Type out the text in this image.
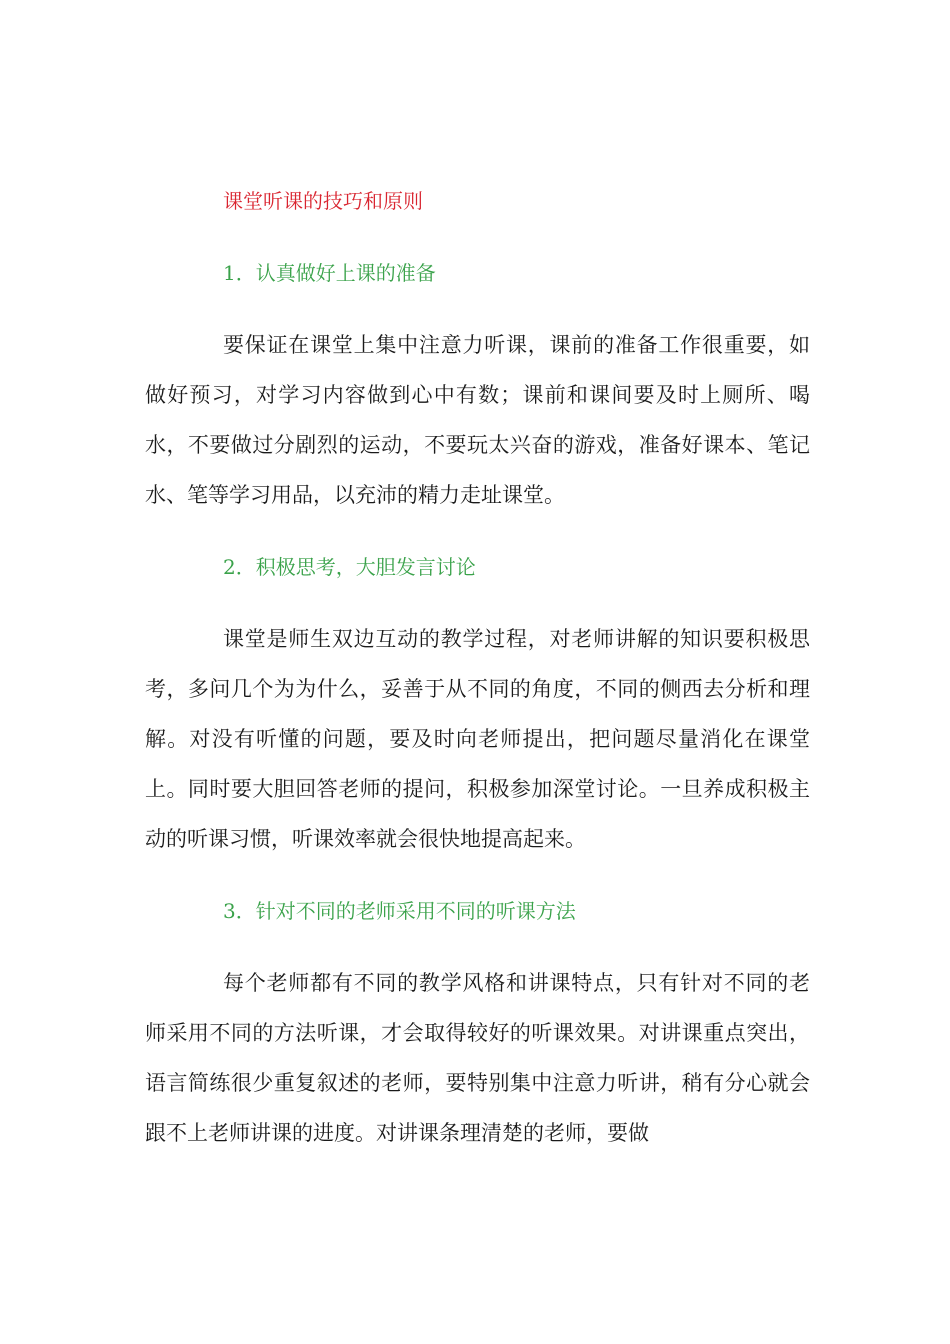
课堂听课的技巧和原则

1．认真做好上课的准备

要保证在课堂上集中注意力听课，课前的准备工作很重要，如做好预习，对学习内容做到心中有数；课前和课间要及时上厕所、喝水，不要做过分剧烈的运动，不要玩太兴奋的游戏，准备好课本、笔记水、笔等学习用品，以充沛的精力走址课堂。

2．积极思考，大胆发言讨论

课堂是师生双边互动的教学过程，对老师讲解的知识要积极思考，多问几个为为什么，妥善于从不同的角度，不同的侧西去分析和理解。对没有听懂的问题，要及时向老师提出，把问题尽量消化在课堂上。同时要大胆回答老师的提问，积极参加深堂讨论。一旦养成积极主动的听课习惯，听课效率就会很快地提高起来。

3．针对不同的老师采用不同的听课方法

每个老师都有不同的教学风格和讲课特点，只有针对不同的老师采用不同的方法听课，才会取得较好的听课效果。对讲课重点突出，语言简练很少重复叙述的老师，要特别集中注意力听讲，稍有分心就会跟不上老师讲课的进度。对讲课条理清楚的老师，要做
